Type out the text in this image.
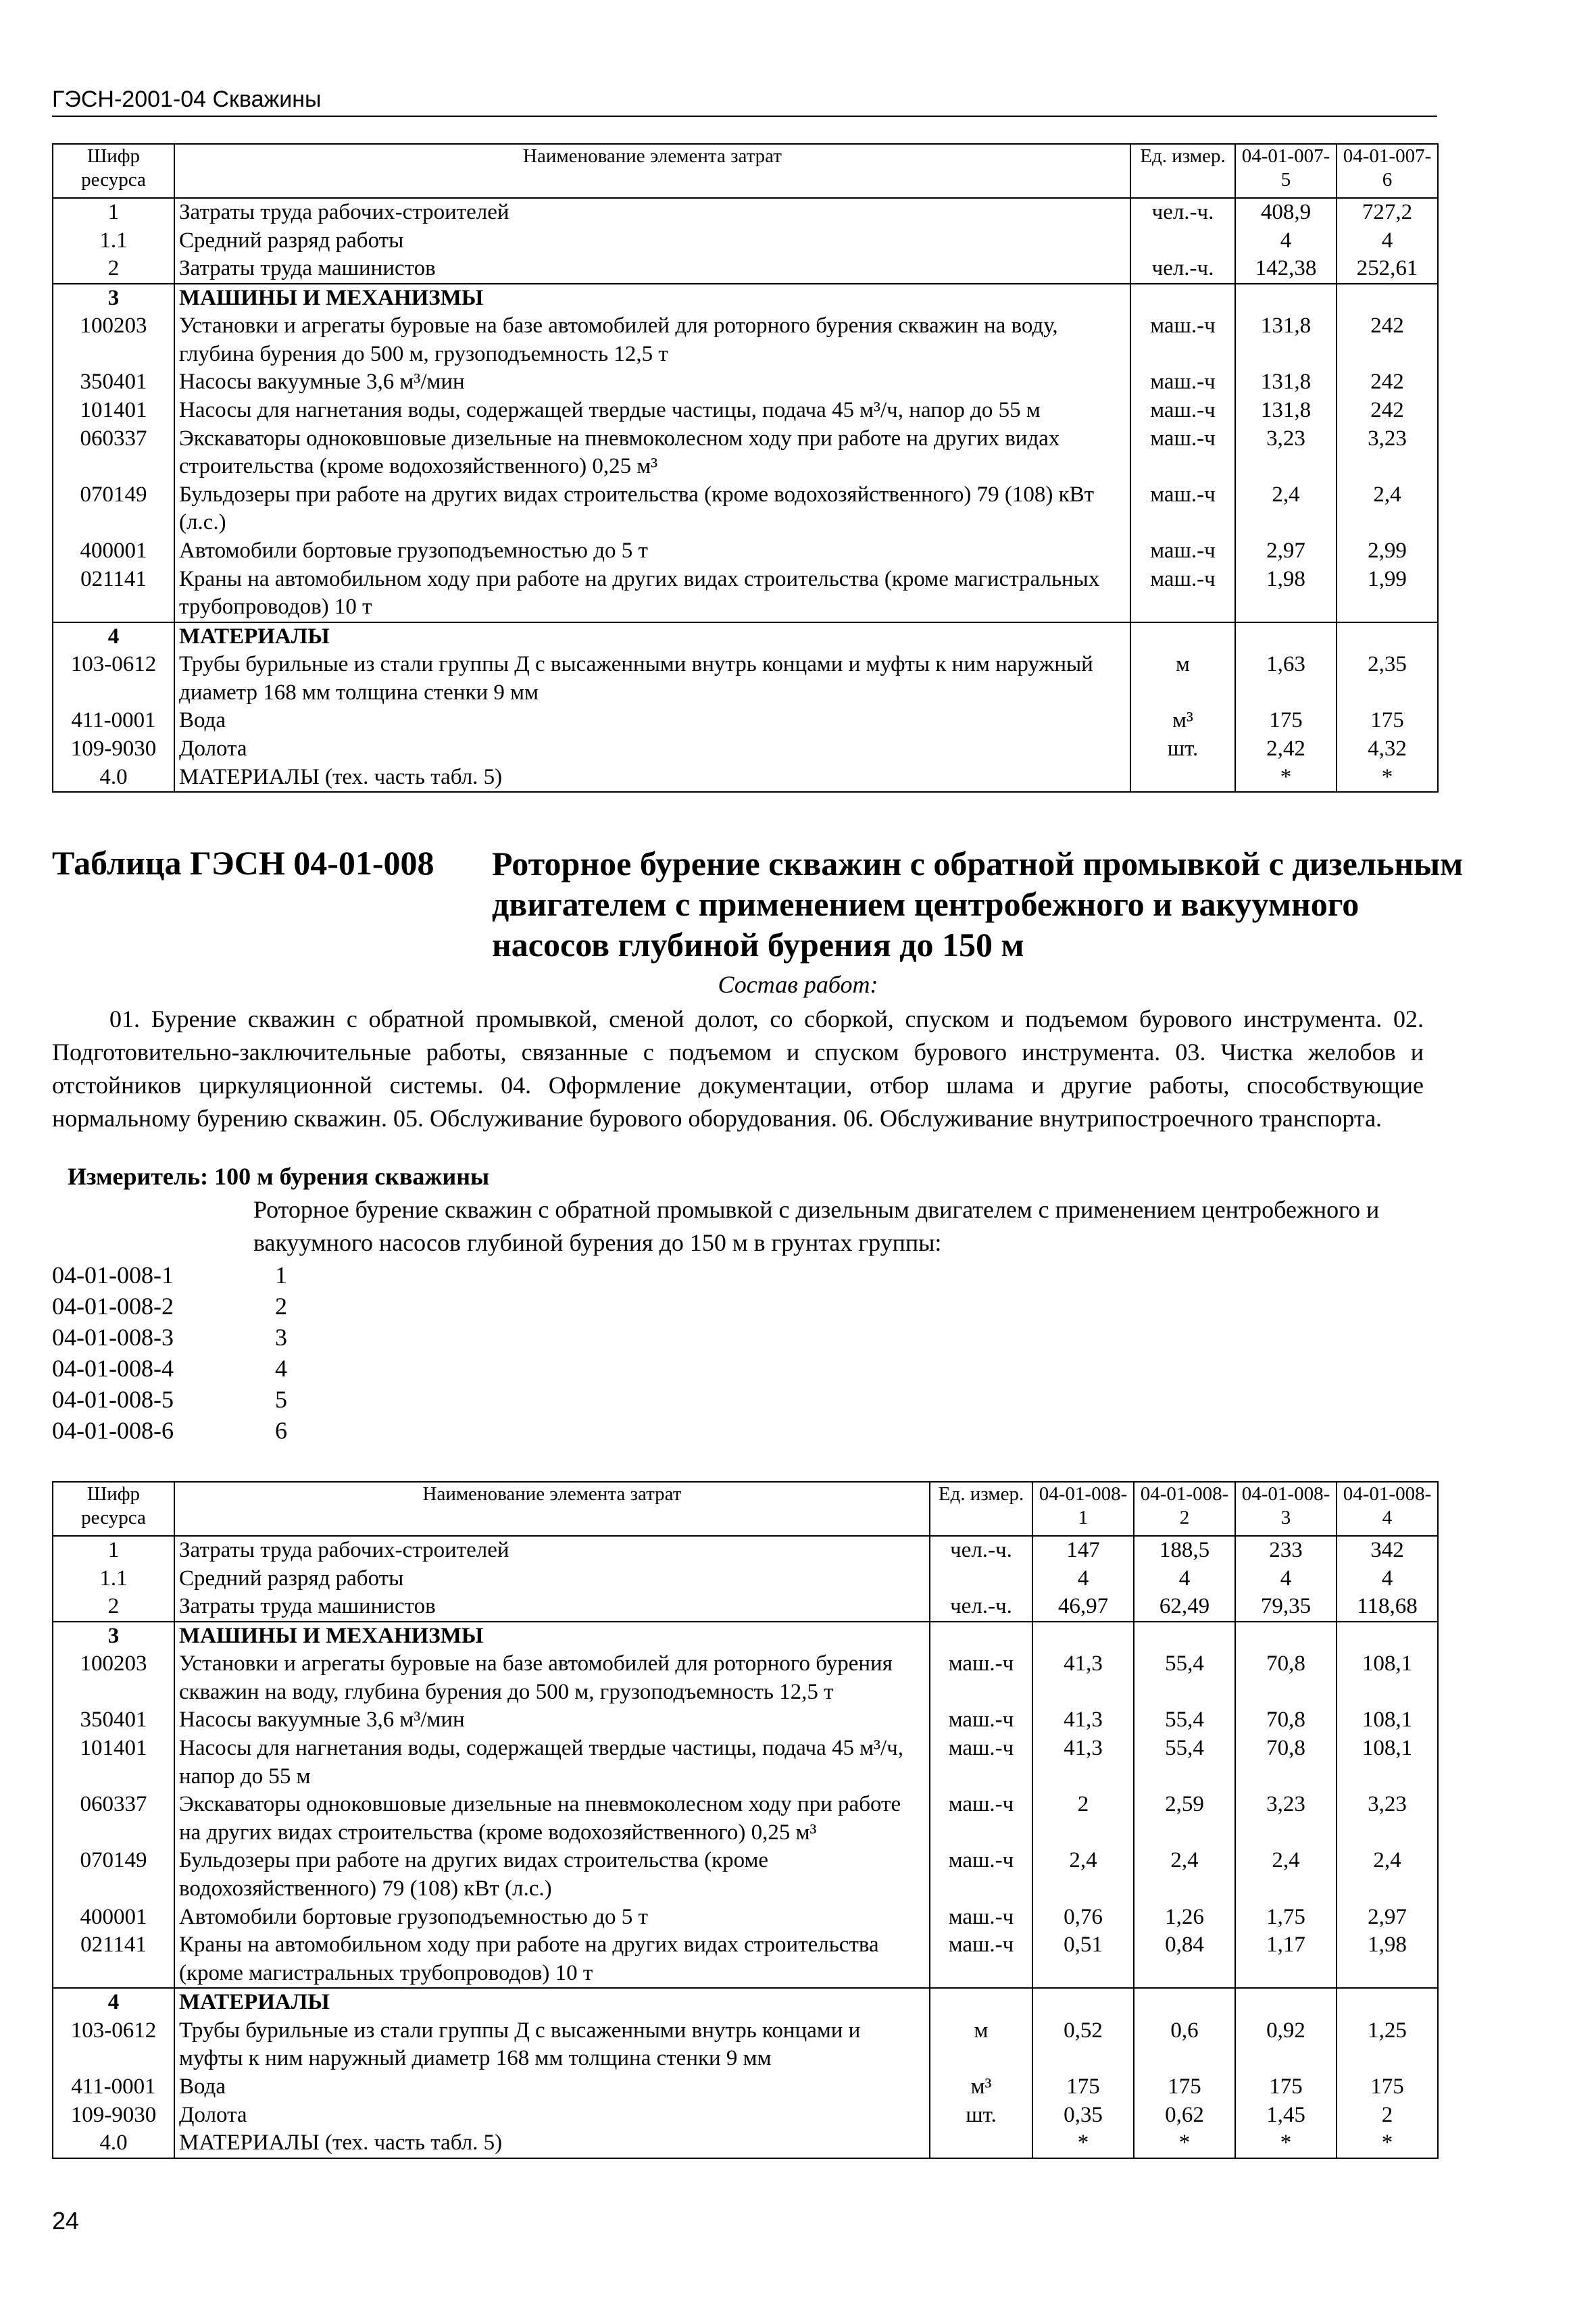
ГЭСН-2001-04 Скважины
Шифр ресурса	Наименование элемента затрат	Ед. измер.	04-01-007-5	04-01-007-6
1	Затраты труда рабочих-строителей	чел.-ч.	408,9	727,2
1.1	Средний разряд работы		4	4
2	Затраты труда машинистов	чел.-ч.	142,38	252,61
3	МАШИНЫ И МЕХАНИЗМЫ			
100203	Установки и агрегаты буровые на базе автомобилей для роторного бурения скважин на воду, глубина бурения до 500 м, грузоподъемность 12,5 т	маш.-ч	131,8	242
350401	Насосы вакуумные 3,6 м³/мин	маш.-ч	131,8	242
101401	Насосы для нагнетания воды, содержащей твердые частицы, подача 45 м³/ч, напор до 55 м	маш.-ч	131,8	242
060337	Экскаваторы одноковшовые дизельные на пневмоколесном ходу при работе на других видах строительства (кроме водохозяйственного) 0,25 м³	маш.-ч	3,23	3,23
070149	Бульдозеры при работе на других видах строительства (кроме водохозяйственного) 79 (108) кВт (л.с.)	маш.-ч	2,4	2,4
400001	Автомобили бортовые грузоподъемностью до 5 т	маш.-ч	2,97	2,99
021141	Краны на автомобильном ходу при работе на других видах строительства (кроме магистральных трубопроводов) 10 т	маш.-ч	1,98	1,99
4	МАТЕРИАЛЫ			
103-0612	Трубы бурильные из стали группы Д с высаженными внутрь концами и муфты к ним наружный диаметр 168 мм толщина стенки 9 мм	м	1,63	2,35
411-0001	Вода	м³	175	175
109-9030	Долота	шт.	2,42	4,32
4.0	МАТЕРИАЛЫ (тех. часть табл. 5)		*	*
Таблица ГЭСН 04-01-008 Роторное бурение скважин с обратной промывкой с дизельным двигателем с применением центробежного и вакуумного насосов глубиной бурения до 150 м
Состав работ:
01. Бурение скважин с обратной промывкой, сменой долот, со сборкой, спуском и подъемом бурового инструмента. 02. Подготовительно-заключительные работы, связанные с подъемом и спуском бурового инструмента. 03. Чистка желобов и отстойников циркуляционной системы. 04. Оформление документации, отбор шлама и другие работы, способствующие нормальному бурению скважин. 05. Обслуживание бурового оборудования. 06. Обслуживание внутрипостроечного транспорта.
Измеритель: 100 м бурения скважины
Роторное бурение скважин с обратной промывкой с дизельным двигателем с применением центробежного и вакуумного насосов глубиной бурения до 150 м в грунтах группы:
04-01-008-1	1
04-01-008-2	2
04-01-008-3	3
04-01-008-4	4
04-01-008-5	5
04-01-008-6	6
Шифр ресурса	Наименование элемента затрат	Ед. измер.	04-01-008-1	04-01-008-2	04-01-008-3	04-01-008-4
1	Затраты труда рабочих-строителей	чел.-ч.	147	188,5	233	342
1.1	Средний разряд работы		4	4	4	4
2	Затраты труда машинистов	чел.-ч.	46,97	62,49	79,35	118,68
3	МАШИНЫ И МЕХАНИЗМЫ					
100203	Установки и агрегаты буровые на базе автомобилей для роторного бурения скважин на воду, глубина бурения до 500 м, грузоподъемность 12,5 т	маш.-ч	41,3	55,4	70,8	108,1
350401	Насосы вакуумные 3,6 м³/мин	маш.-ч	41,3	55,4	70,8	108,1
101401	Насосы для нагнетания воды, содержащей твердые частицы, подача 45 м³/ч, напор до 55 м	маш.-ч	41,3	55,4	70,8	108,1
060337	Экскаваторы одноковшовые дизельные на пневмоколесном ходу при работе на других видах строительства (кроме водохозяйственного) 0,25 м³	маш.-ч	2	2,59	3,23	3,23
070149	Бульдозеры при работе на других видах строительства (кроме водохозяйственного) 79 (108) кВт (л.с.)	маш.-ч	2,4	2,4	2,4	2,4
400001	Автомобили бортовые грузоподъемностью до 5 т	маш.-ч	0,76	1,26	1,75	2,97
021141	Краны на автомобильном ходу при работе на других видах строительства (кроме магистральных трубопроводов) 10 т	маш.-ч	0,51	0,84	1,17	1,98
4	МАТЕРИАЛЫ					
103-0612	Трубы бурильные из стали группы Д с высаженными внутрь концами и муфты к ним наружный диаметр 168 мм толщина стенки 9 мм	м	0,52	0,6	0,92	1,25
411-0001	Вода	м³	175	175	175	175
109-9030	Долота	шт.	0,35	0,62	1,45	2
4.0	МАТЕРИАЛЫ (тех. часть табл. 5)		*	*	*	*
24
